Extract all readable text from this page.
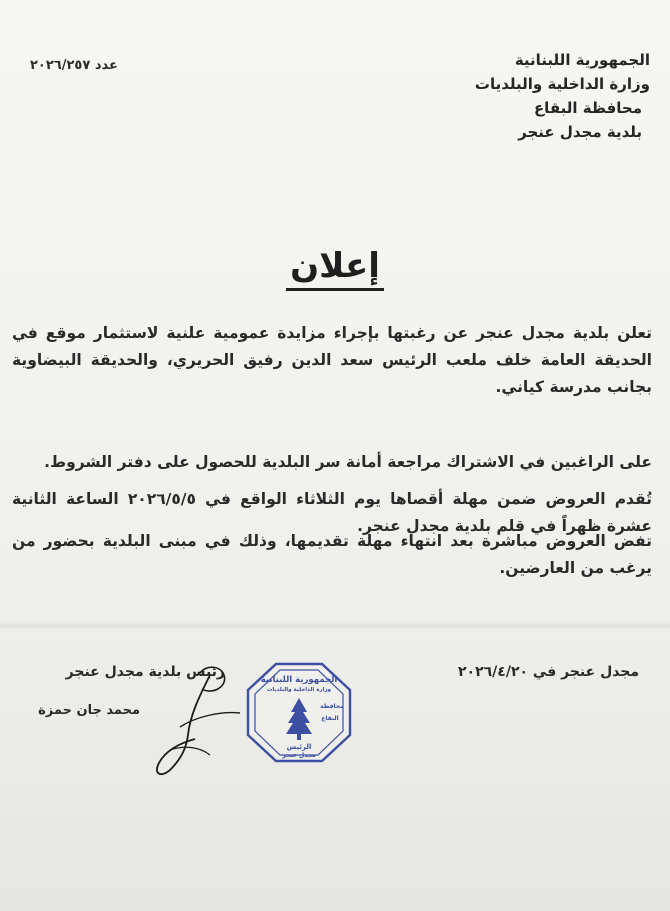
الجمهورية اللبنانية
وزارة الداخلية والبلديات
محافظة البقاع
بلدية مجدل عنجر
عدد ٢٠٢٦/٢٥٧
إعلان
تعلن بلدية مجدل عنجر عن رغبتها بإجراء مزايدة عمومية علنية لاستثمار موقع في الحديقة العامة خلف ملعب الرئيس سعد الدين رفيق الحريري، والحديقة البيضاوية بجانب مدرسة كياني.
على الراغبين في الاشتراك مراجعة أمانة سر البلدية للحصول على دفتر الشروط.
تُقدم العروض ضمن مهلة أقصاها يوم الثلاثاء الواقع في ٢٠٢٦/٥/٥ الساعة الثانية عشرة ظهراً في قلم بلدية مجدل عنجر.
تفض العروض مباشرة بعد انتهاء مهلة تقديمها، وذلك في مبنى البلدية بحضور من يرغب من العارضين.
مجدل عنجر في ٢٠٢٦/٤/٢٠
رئيس بلدية مجدل عنجر
محمد جان حمزة
الجمهورية اللبنانية
وزارة الداخلية والبلديات
محافظة
البقاع
الرئيس
مجدل عنجر
